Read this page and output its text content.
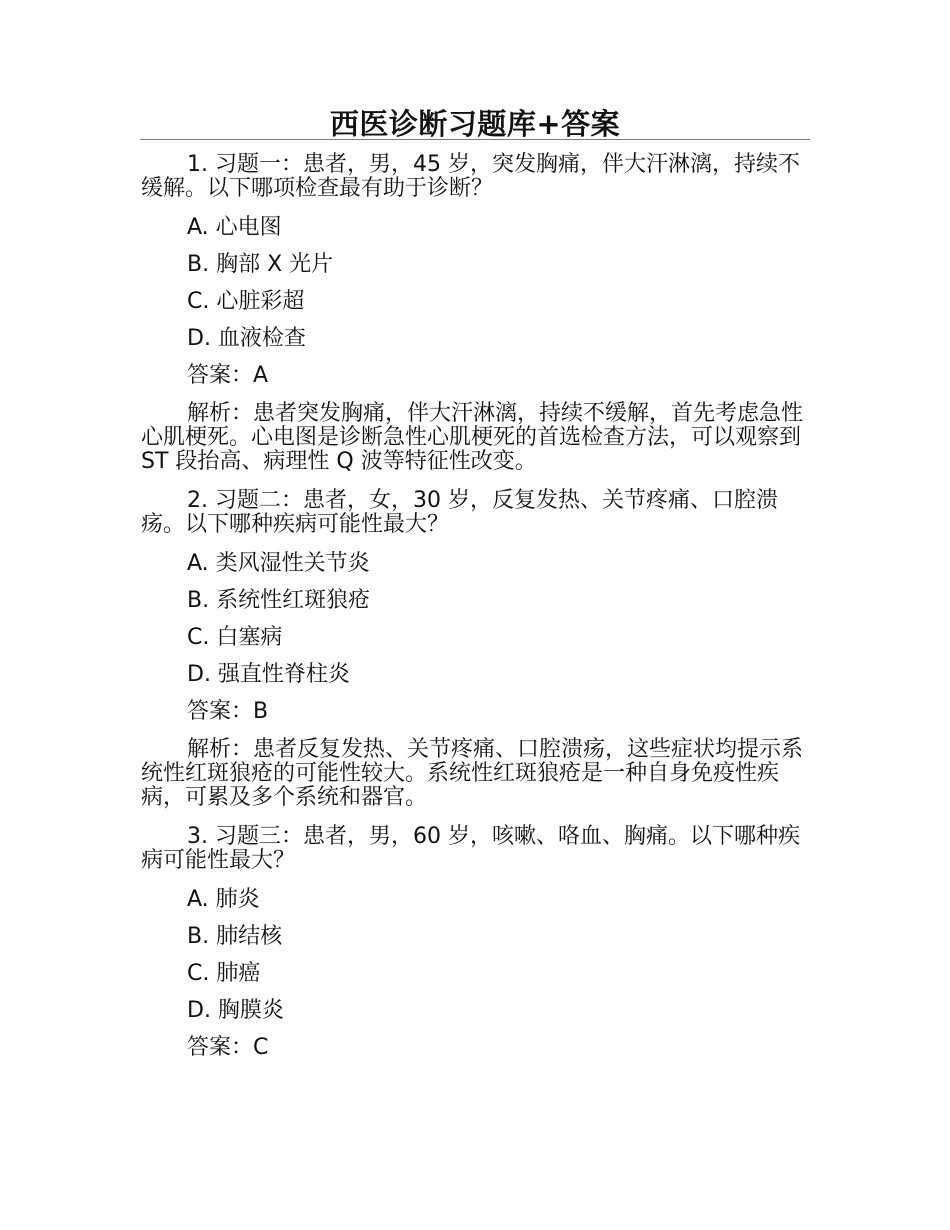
西医诊断习题库+答案

1. 习题一：患者，男，45 岁，突发胸痛，伴大汗淋漓，持续不缓解。以下哪项检查最有助于诊断？

A. 心电图

B. 胸部 X 光片

C. 心脏彩超

D. 血液检查

答案：A

解析：患者突发胸痛，伴大汗淋漓，持续不缓解，首先考虑急性心肌梗死。心电图是诊断急性心肌梗死的首选检查方法，可以观察到 ST 段抬高、病理性 Q 波等特征性改变。

2. 习题二：患者，女，30 岁，反复发热、关节疼痛、口腔溃疡。以下哪种疾病可能性最大？

A. 类风湿性关节炎

B. 系统性红斑狼疮

C. 白塞病

D. 强直性脊柱炎

答案：B

解析：患者反复发热、关节疼痛、口腔溃疡，这些症状均提示系统性红斑狼疮的可能性较大。系统性红斑狼疮是一种自身免疫性疾病，可累及多个系统和器官。

3. 习题三：患者，男，60 岁，咳嗽、咯血、胸痛。以下哪种疾病可能性最大？

A. 肺炎

B. 肺结核

C. 肺癌

D. 胸膜炎

答案：C
